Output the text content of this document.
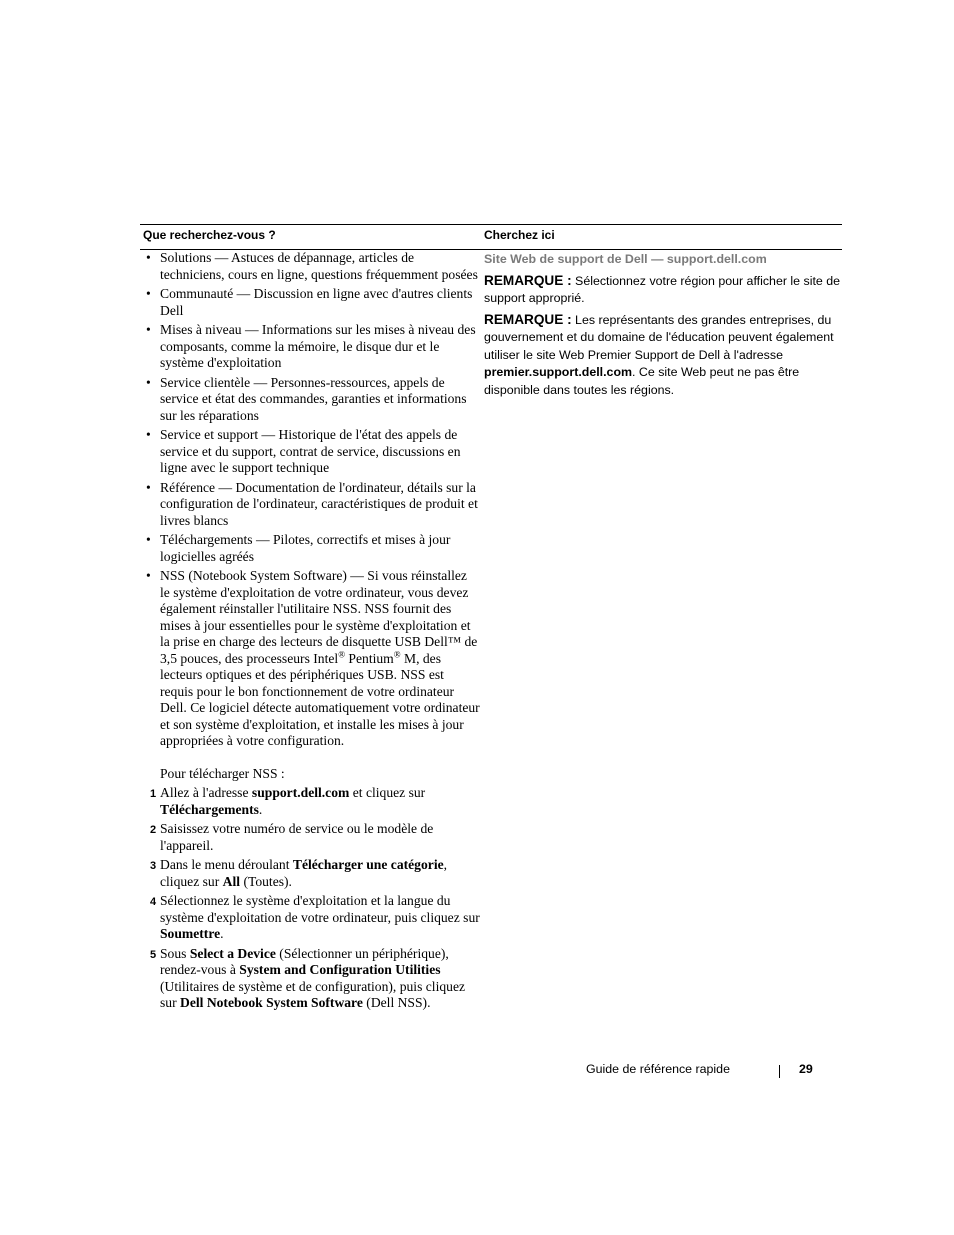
Que recherchez-vous ?	Cherchez ici
• Solutions — Astuces de dépannage, articles de techniciens, cours en ligne, questions fréquemment posées
• Communauté — Discussion en ligne avec d'autres clients Dell
• Mises à niveau — Informations sur les mises à niveau des composants, comme la mémoire, le disque dur et le système d'exploitation
• Service clientèle — Personnes-ressources, appels de service et état des commandes, garanties et informations sur les réparations
• Service et support — Historique de l'état des appels de service et du support, contrat de service, discussions en ligne avec le support technique
• Référence — Documentation de l'ordinateur, détails sur la configuration de l'ordinateur, caractéristiques de produit et livres blancs
• Téléchargements — Pilotes, correctifs et mises à jour logicielles agréés
• NSS (Notebook System Software) — Si vous réinstallez le système d'exploitation de votre ordinateur, vous devez également réinstaller l'utilitaire NSS. NSS fournit des mises à jour essentielles pour le système d'exploitation et la prise en charge des lecteurs de disquette USB Dell™ de 3,5 pouces, des processeurs Intel® Pentium® M, des lecteurs optiques et des périphériques USB. NSS est requis pour le bon fonctionnement de votre ordinateur Dell. Ce logiciel détecte automatiquement votre ordinateur et son système d'exploitation, et installe les mises à jour appropriées à votre configuration.
Pour télécharger NSS :
1 Allez à l'adresse support.dell.com et cliquez sur Téléchargements.
2 Saisissez votre numéro de service ou le modèle de l'appareil.
3 Dans le menu déroulant Télécharger une catégorie, cliquez sur All (Toutes).
4 Sélectionnez le système d'exploitation et la langue du système d'exploitation de votre ordinateur, puis cliquez sur Soumettre.
5 Sous Select a Device (Sélectionner un périphérique), rendez-vous à System and Configuration Utilities (Utilitaires de système et de configuration), puis cliquez sur Dell Notebook System Software (Dell NSS).
Site Web de support de Dell — support.dell.com
REMARQUE : Sélectionnez votre région pour afficher le site de support approprié.
REMARQUE : Les représentants des grandes entreprises, du gouvernement et du domaine de l'éducation peuvent également utiliser le site Web Premier Support de Dell à l'adresse premier.support.dell.com. Ce site Web peut ne pas être disponible dans toutes les régions.
Guide de référence rapide	29
